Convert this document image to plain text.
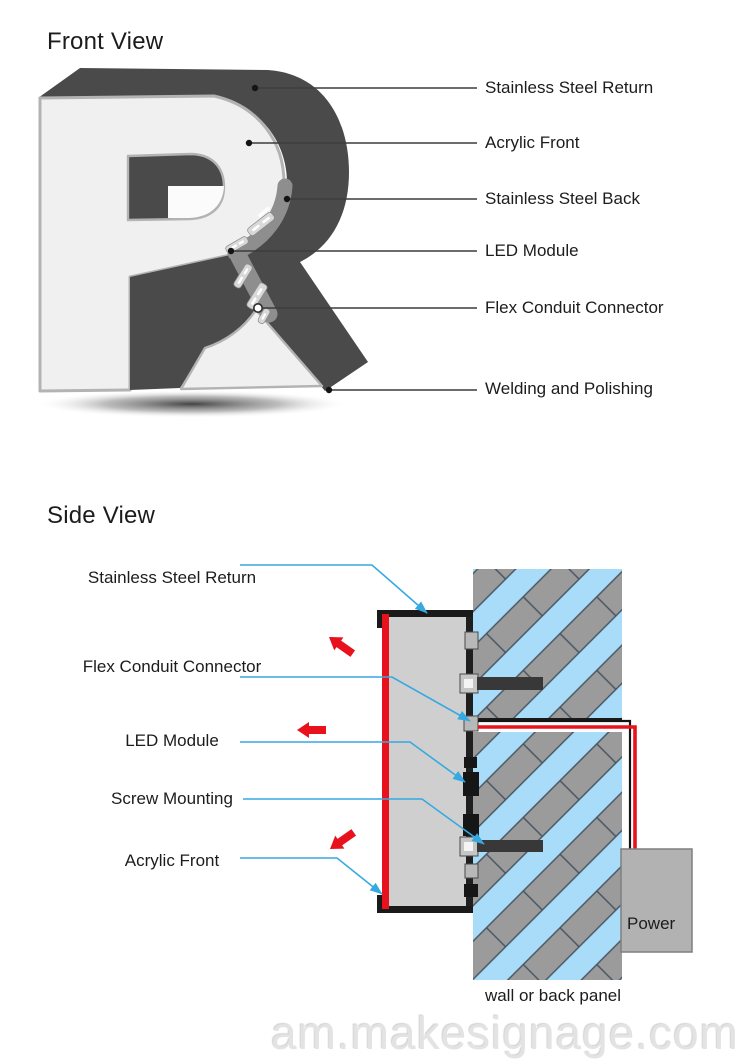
Front View
Stainless Steel Return
Acrylic Front
Stainless Steel Back
LED Module
Flex Conduit Connector
Welding and Polishing
Side View
Stainless Steel Return
Flex Conduit Connector
LED Module
Screw Mounting
Acrylic Front
Power
wall or back panel
am.makesignage.com
